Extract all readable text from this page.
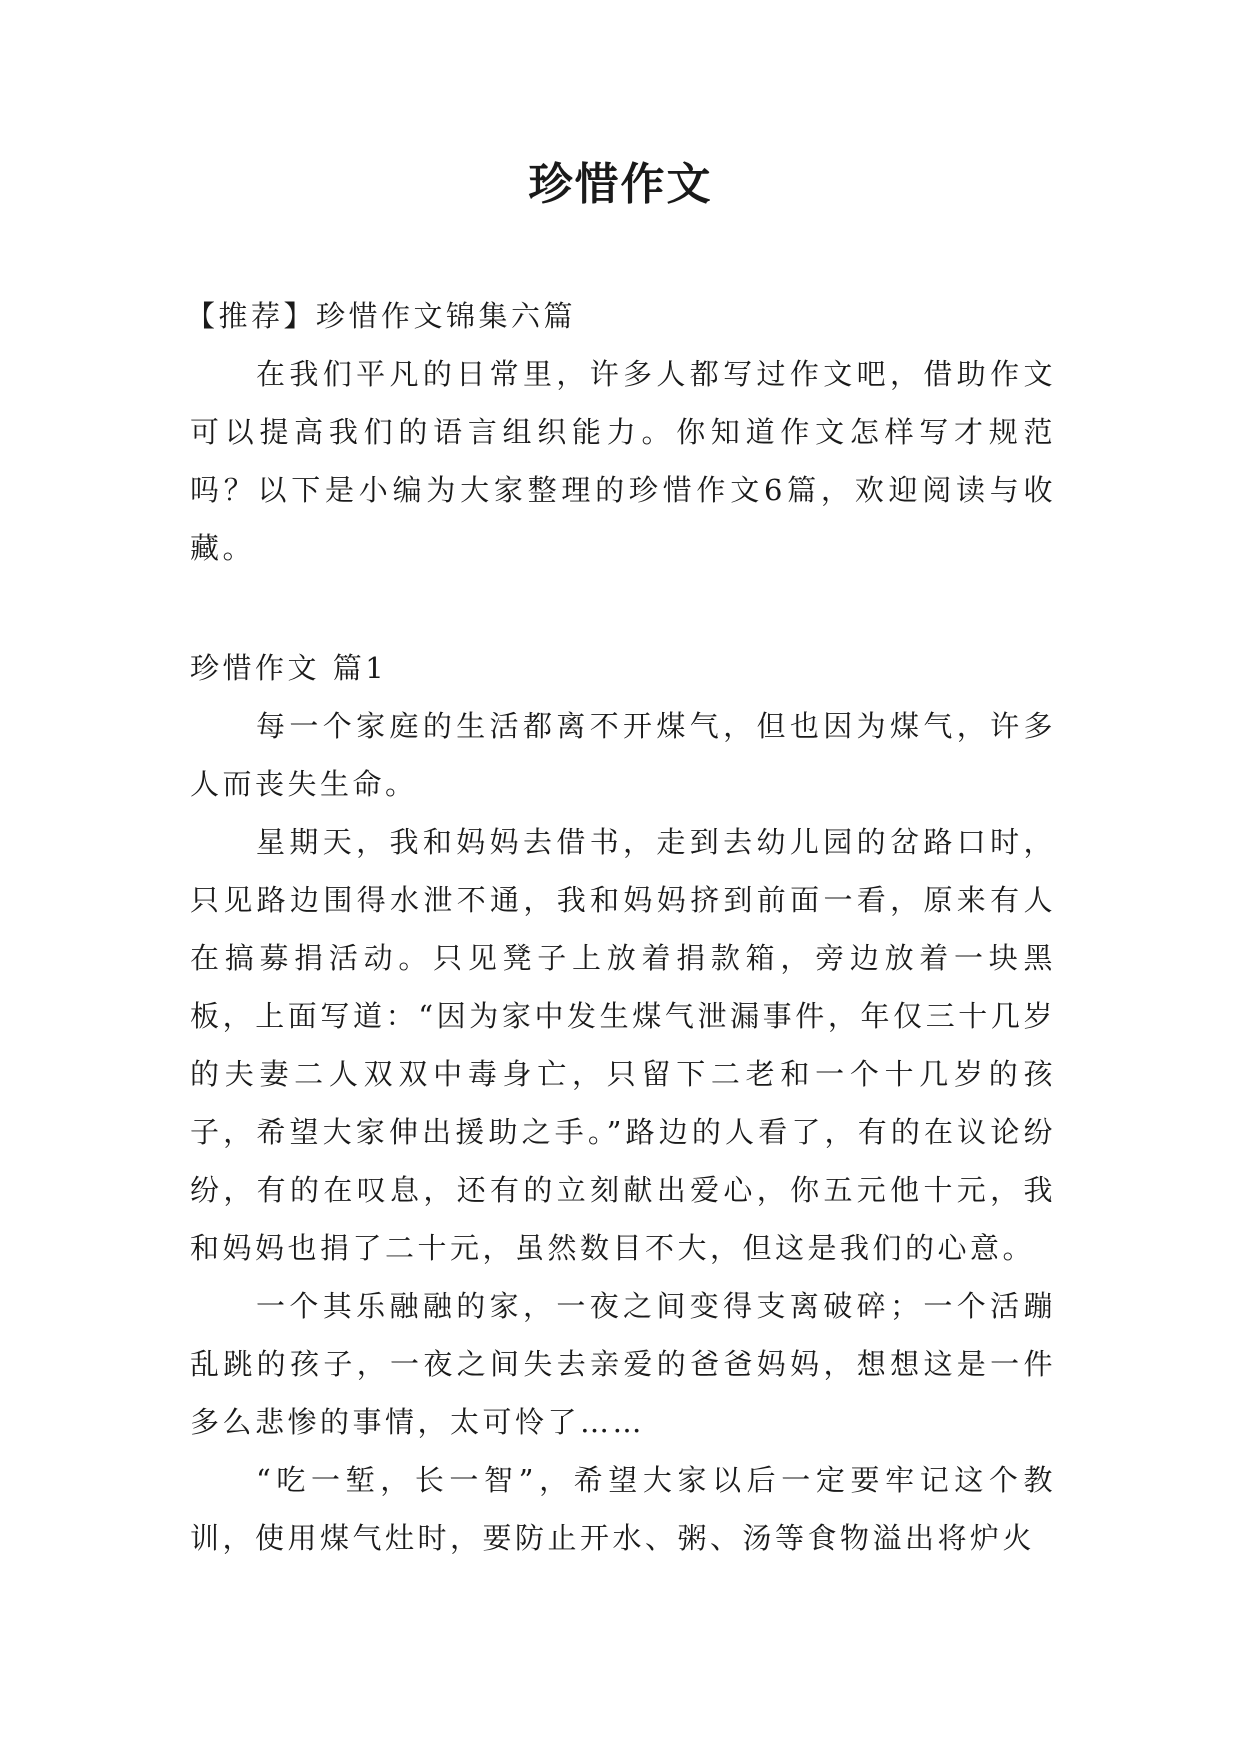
珍惜作文
【推荐】珍惜作文锦集六篇

在我们平凡的日常里，许多人都写过作文吧，借助作文可以提高我们的语言组织能力。你知道作文怎样写才规范吗？以下是小编为大家整理的珍惜作文6篇，欢迎阅读与收藏。

珍惜作文 篇1

每一个家庭的生活都离不开煤气，但也因为煤气，许多人而丧失生命。

星期天，我和妈妈去借书，走到去幼儿园的岔路口时，只见路边围得水泄不通，我和妈妈挤到前面一看，原来有人在搞募捐活动。只见凳子上放着捐款箱，旁边放着一块黑板，上面写道：“因为家中发生煤气泄漏事件，年仅三十几岁的夫妻二人双双中毒身亡，只留下二老和一个十几岁的孩子，希望大家伸出援助之手。”路边的人看了，有的在议论纷纷，有的在叹息，还有的立刻献出爱心，你五元他十元，我和妈妈也捐了二十元，虽然数目不大，但这是我们的心意。

一个其乐融融的家，一夜之间变得支离破碎；一个活蹦乱跳的孩子，一夜之间失去亲爱的爸爸妈妈，想想这是一件多么悲惨的事情，太可怜了……

“吃一堑，长一智”，希望大家以后一定要牢记这个教训，使用煤气灶时，要防止开水、粥、汤等食物溢出将炉火
